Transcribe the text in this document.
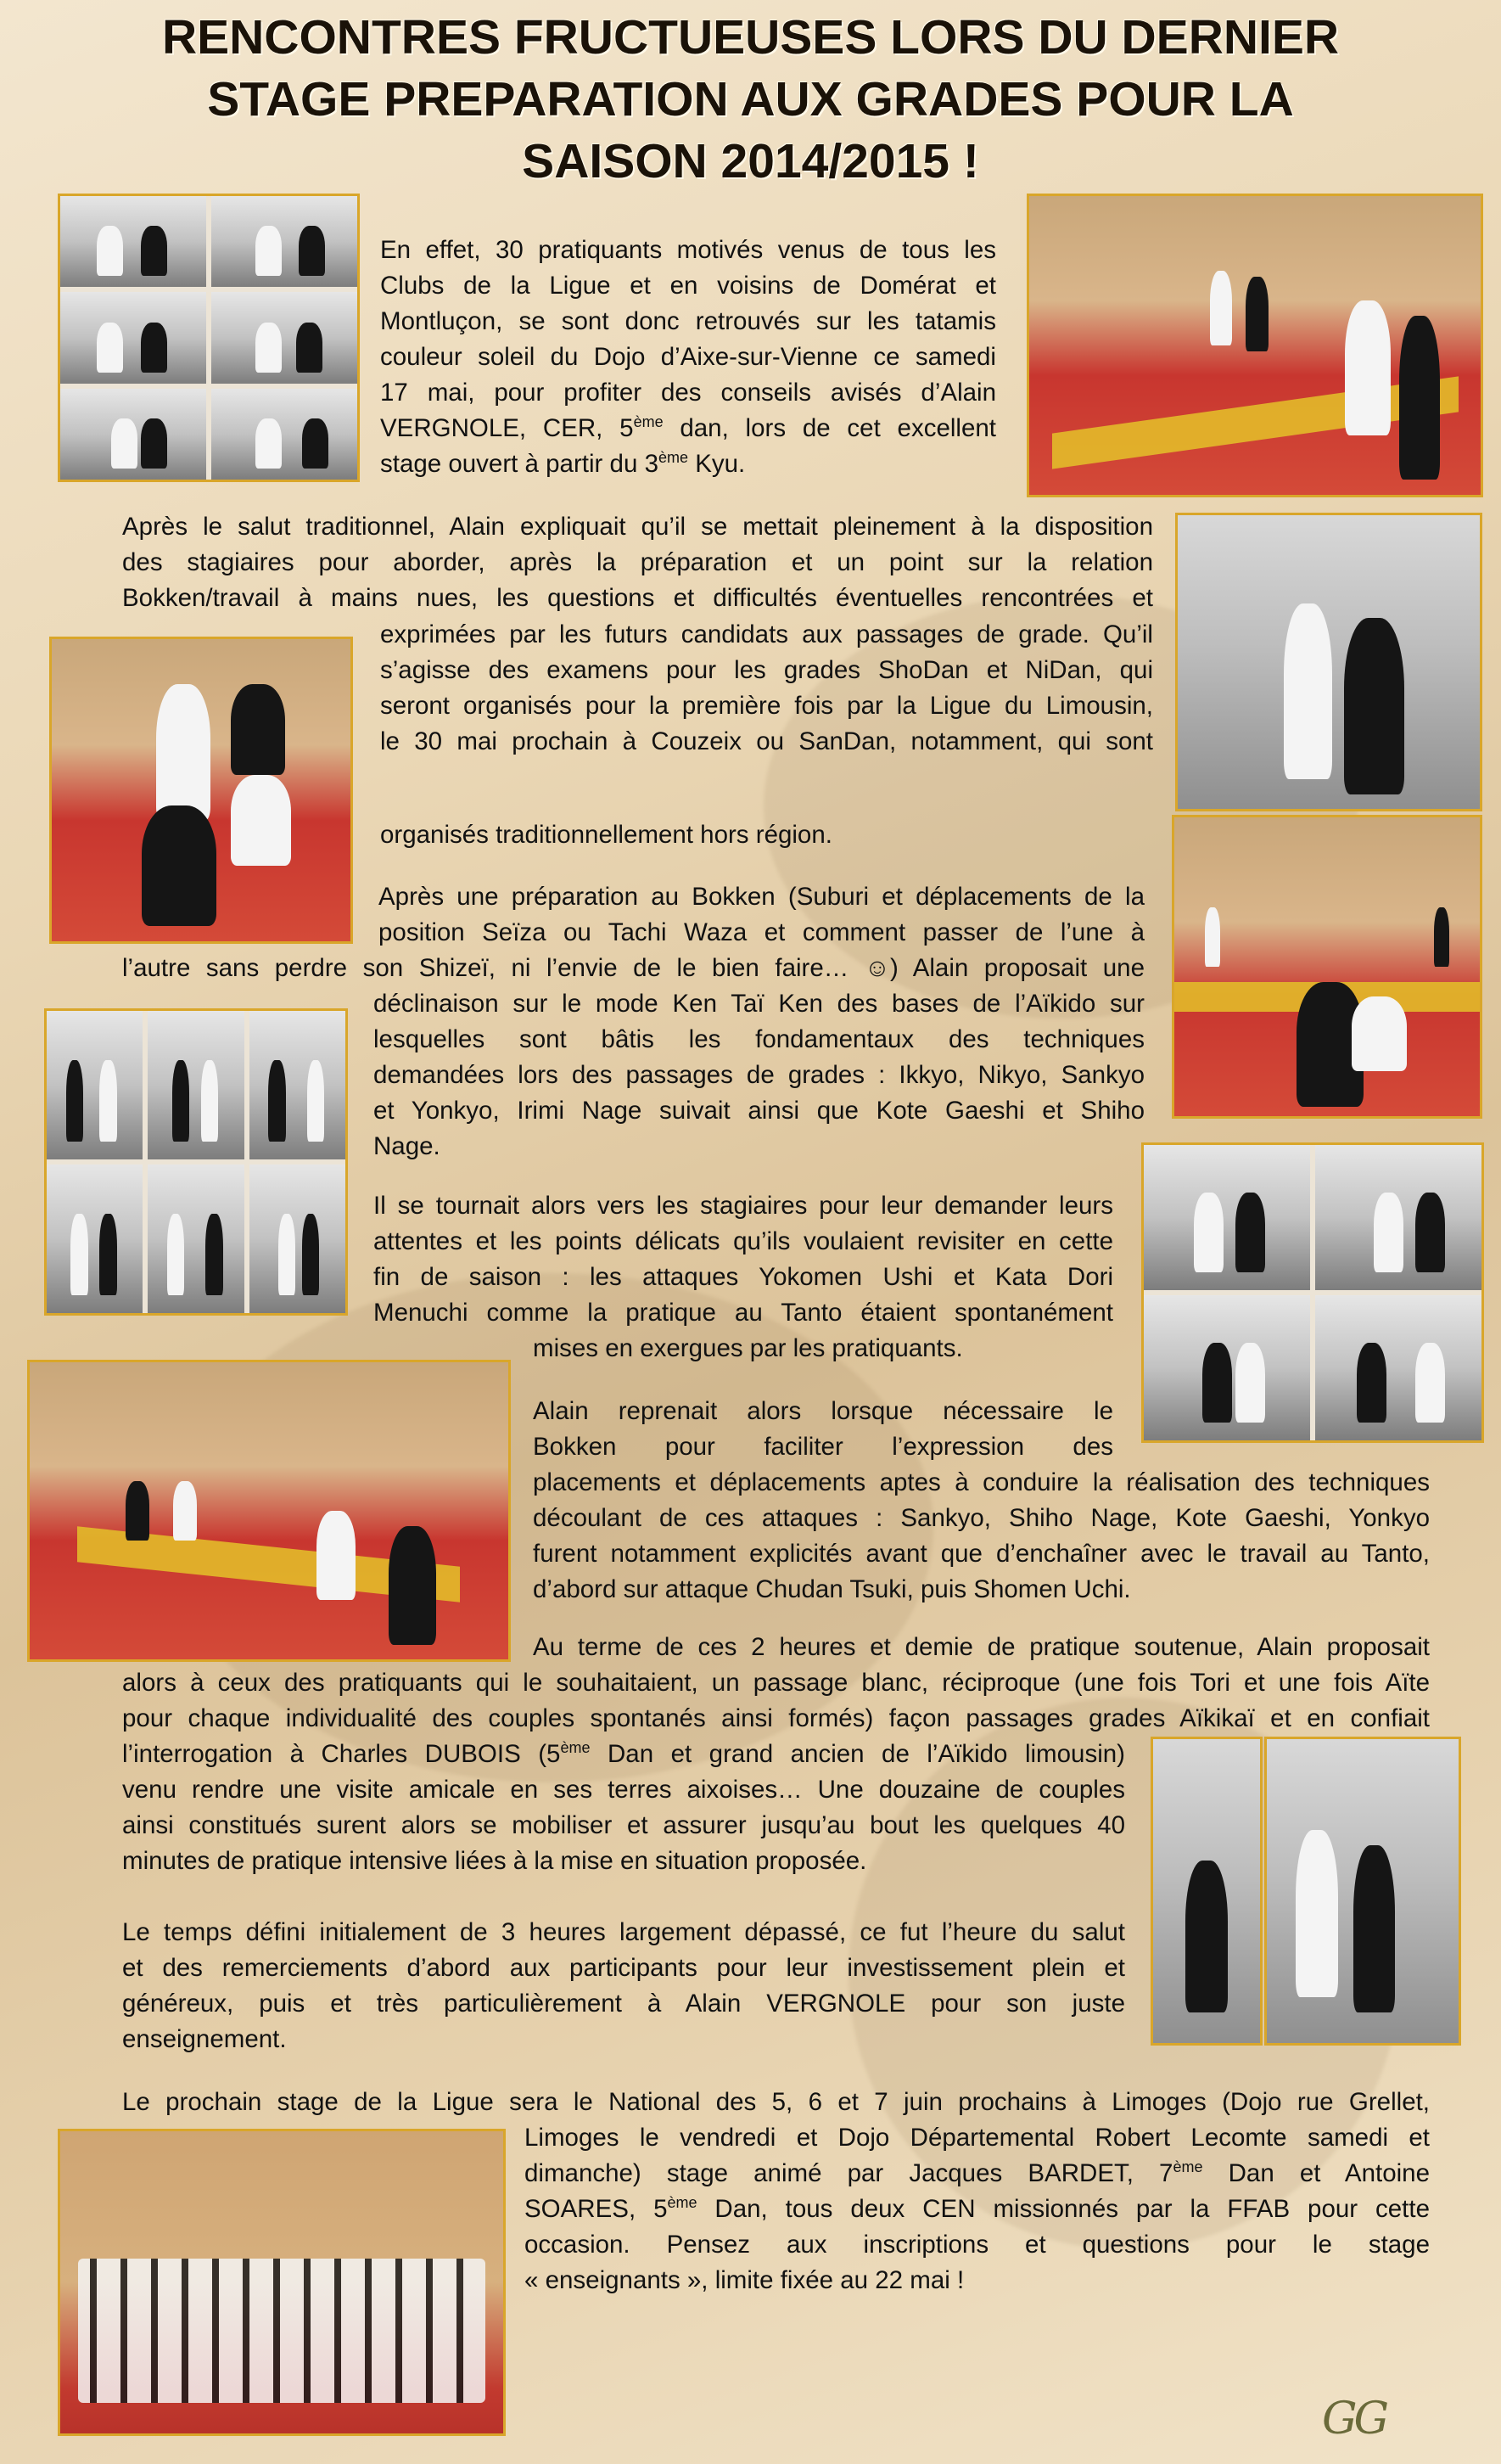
RENCONTRES FRUCTUEUSES LORS DU DERNIER
STAGE PREPARATION AUX GRADES POUR LA
SAISON 2014/2015 !

En effet, 30 pratiquants motivés venus de tous les
Clubs de la Ligue et en voisins de Domérat et
Montluçon, se sont donc retrouvés sur les tatamis
couleur soleil du Dojo d’Aixe-sur-Vienne ce samedi
17 mai, pour profiter des conseils avisés d’Alain
VERGNOLE, CER, 5ème dan, lors de cet excellent
stage ouvert à partir du 3ème Kyu.

Après le salut traditionnel, Alain expliquait qu’il se mettait pleinement à la disposition
des stagiaires pour aborder, après la préparation et un point sur la relation
Bokken/travail à mains nues, les questions et difficultés éventuelles rencontrées et

exprimées par les futurs candidats aux passages de grade. Qu’il
s’agisse des examens pour les grades ShoDan et NiDan, qui
seront organisés pour la première fois par la Ligue du Limousin,
le 30 mai prochain à Couzeix ou SanDan, notamment, qui sont

organisés traditionnellement hors région.

Après une préparation au Bokken (Suburi et déplacements de la
position Seïza ou Tachi Waza et comment passer de l’une à
l’autre sans perdre son Shizeï, ni l’envie de le bien faire… ☺) Alain proposait une

déclinaison sur le mode Ken Taï Ken des bases de l’Aïkido sur
lesquelles sont bâtis les fondamentaux des techniques
demandées lors des passages de grades : Ikkyo, Nikyo, Sankyo
et Yonkyo, Irimi Nage suivait ainsi que Kote Gaeshi et Shiho
Nage.

Il se tournait alors vers les stagiaires pour leur demander leurs
attentes et les points délicats qu’ils voulaient revisiter en cette
fin de saison : les attaques Yokomen Ushi et Kata Dori
Menuchi comme la pratique au Tanto étaient spontanément

mises en exergues par les pratiquants.

Alain reprenait alors lorsque nécessaire le
Bokken pour faciliter l’expression des
placements et déplacements aptes à conduire la réalisation des techniques
découlant de ces attaques : Sankyo, Shiho Nage, Kote Gaeshi, Yonkyo
furent notamment explicités avant que d’enchaîner avec le travail au Tanto,
d’abord sur attaque Chudan Tsuki, puis Shomen Uchi.

Au terme de ces 2 heures et demie de pratique soutenue, Alain proposait
alors à ceux des pratiquants qui le souhaitaient, un passage blanc, réciproque (une fois Tori et une fois Aïte
pour chaque individualité des couples spontanés ainsi formés) façon passages grades Aïkikaï et en confiait

l’interrogation à Charles DUBOIS (5ème Dan et grand ancien de l’Aïkido limousin)
venu rendre une visite amicale en ses terres aixoises… Une douzaine de couples
ainsi constitués surent alors se mobiliser et assurer jusqu’au bout les quelques 40
minutes de pratique intensive liées à la mise en situation proposée.

Le temps défini initialement de 3 heures largement dépassé, ce fut l’heure du salut
et des remerciements d’abord aux participants pour leur investissement plein et
généreux, puis et très particulièrement à Alain VERGNOLE pour son juste
enseignement.

Le prochain stage de la Ligue sera le National des 5, 6 et 7 juin prochains à Limoges (Dojo rue Grellet,

Limoges le vendredi et Dojo Départemental Robert Lecomte samedi et
dimanche) stage animé par Jacques BARDET, 7ème Dan et Antoine
SOARES, 5ème Dan, tous deux CEN missionnés par la FFAB pour cette
occasion. Pensez aux inscriptions et questions pour le stage
« enseignants », limite fixée au 22 mai !

GG
